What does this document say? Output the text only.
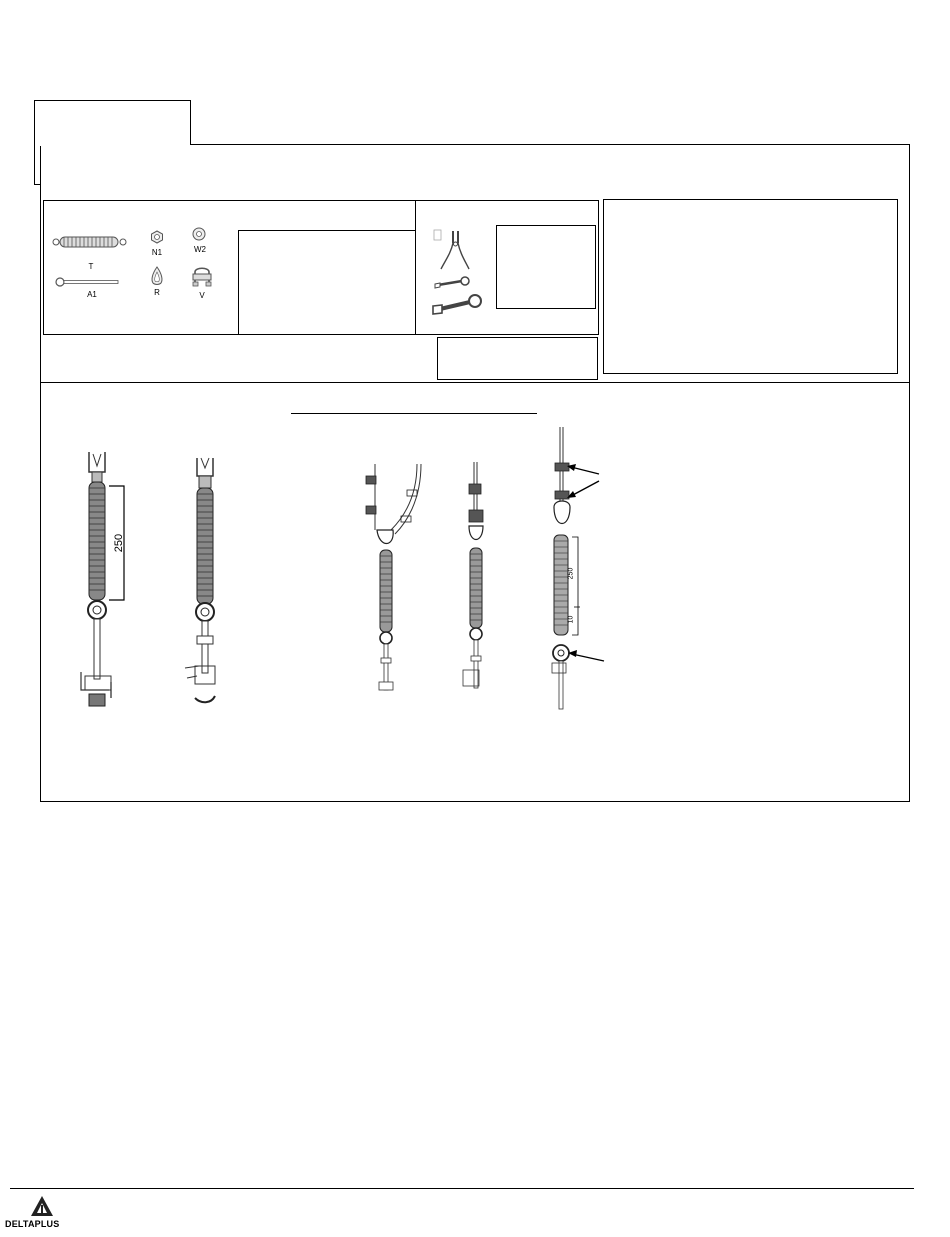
T
A1
N1	W2
R	V
250
250
10
DELTAPLUS
